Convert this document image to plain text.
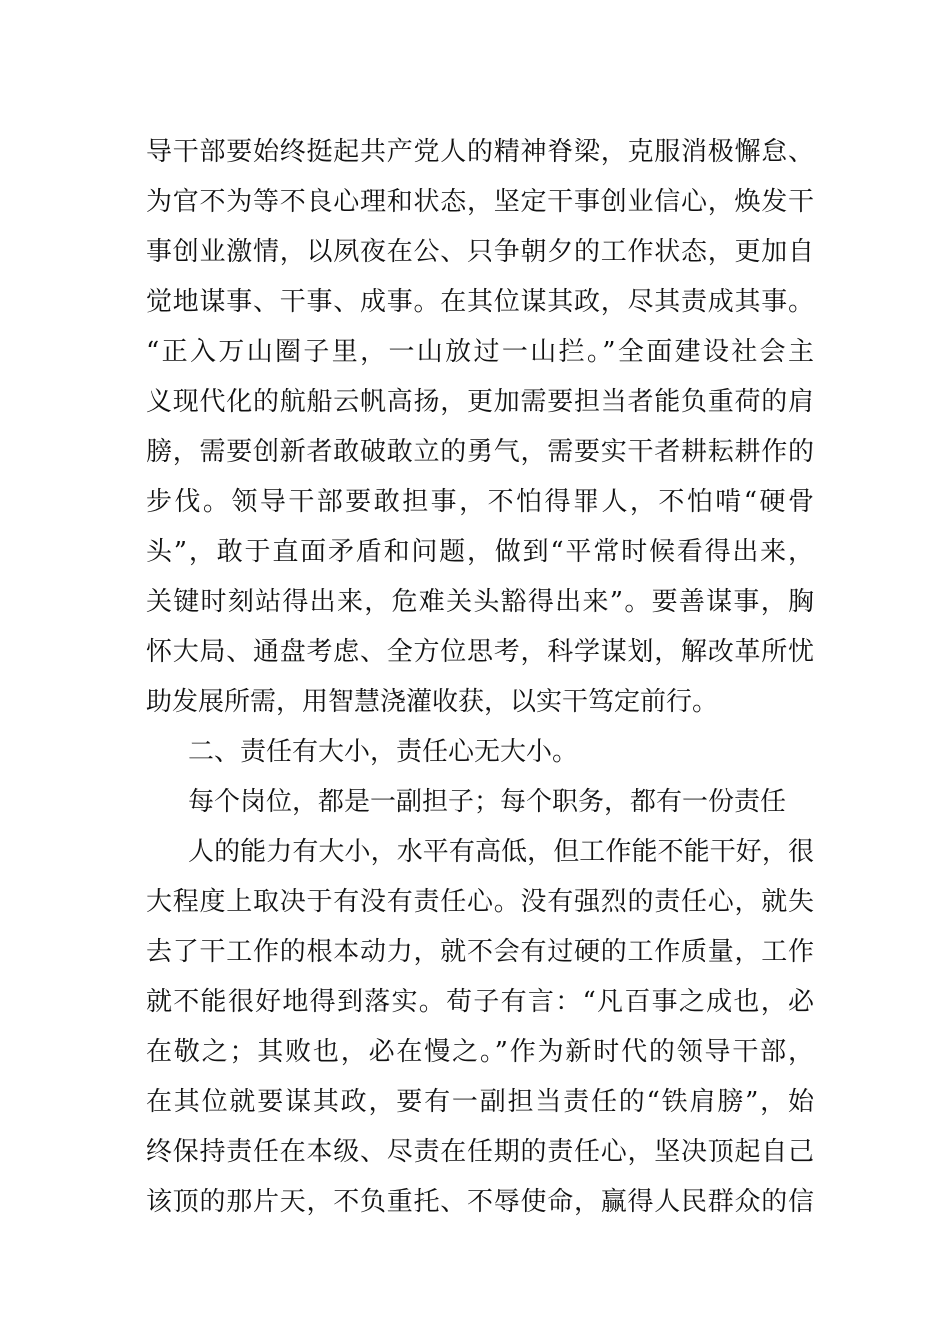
导干部要始终挺起共产党人的精神脊梁，克服消极懈怠、
为官不为等不良心理和状态，坚定干事创业信心，焕发干
事创业激情，以夙夜在公、只争朝夕的工作状态，更加自
觉地谋事、干事、成事。在其位谋其政，尽其责成其事。
“正入万山圈子里，一山放过一山拦。”全面建设社会主
义现代化的航船云帆高扬，更加需要担当者能负重荷的肩
膀，需要创新者敢破敢立的勇气，需要实干者耕耘耕作的
步伐。领导干部要敢担事，不怕得罪人，不怕啃“硬骨
头”，敢于直面矛盾和问题，做到“平常时候看得出来，
关键时刻站得出来，危难关头豁得出来”。要善谋事，胸
怀大局、通盘考虑、全方位思考，科学谋划，解改革所忧
助发展所需，用智慧浇灌收获，以实干笃定前行。
二、责任有大小，责任心无大小。
每个岗位，都是一副担子；每个职务，都有一份责任
人的能力有大小，水平有高低，但工作能不能干好，很
大程度上取决于有没有责任心。没有强烈的责任心，就失
去了干工作的根本动力，就不会有过硬的工作质量，工作
就不能很好地得到落实。荀子有言：“凡百事之成也，必
在敬之；其败也，必在慢之。”作为新时代的领导干部，
在其位就要谋其政，要有一副担当责任的“铁肩膀”，始
终保持责任在本级、尽责在任期的责任心，坚决顶起自己
该顶的那片天，不负重托、不辱使命，赢得人民群众的信
